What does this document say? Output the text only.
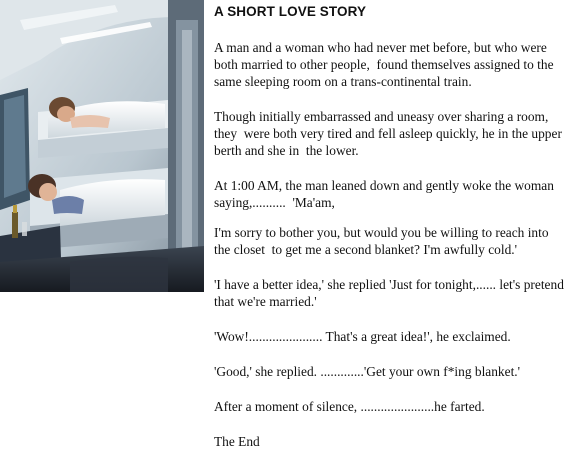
A SHORT LOVE STORY

A man and a woman who had never met before, but who were both married to other people,  found themselves assigned to the same sleeping room on a trans-continental train.

Though initially embarrassed and uneasy over sharing a room, they  were both very tired and fell asleep quickly, he in the upper berth and she in  the lower.

At 1:00 AM, the man leaned down and gently woke the woman saying,..........  'Ma'am,

I'm sorry to bother you, but would you be willing to reach into the closet  to get me a second blanket? I'm awfully cold.'

'I have a better idea,' she replied 'Just for tonight,...... let's pretend that we're married.'

'Wow!...................... That's a great idea!', he exclaimed.

'Good,' she replied. .............'Get your own f*ing blanket.'

After a moment of silence, ......................he farted.

The End
